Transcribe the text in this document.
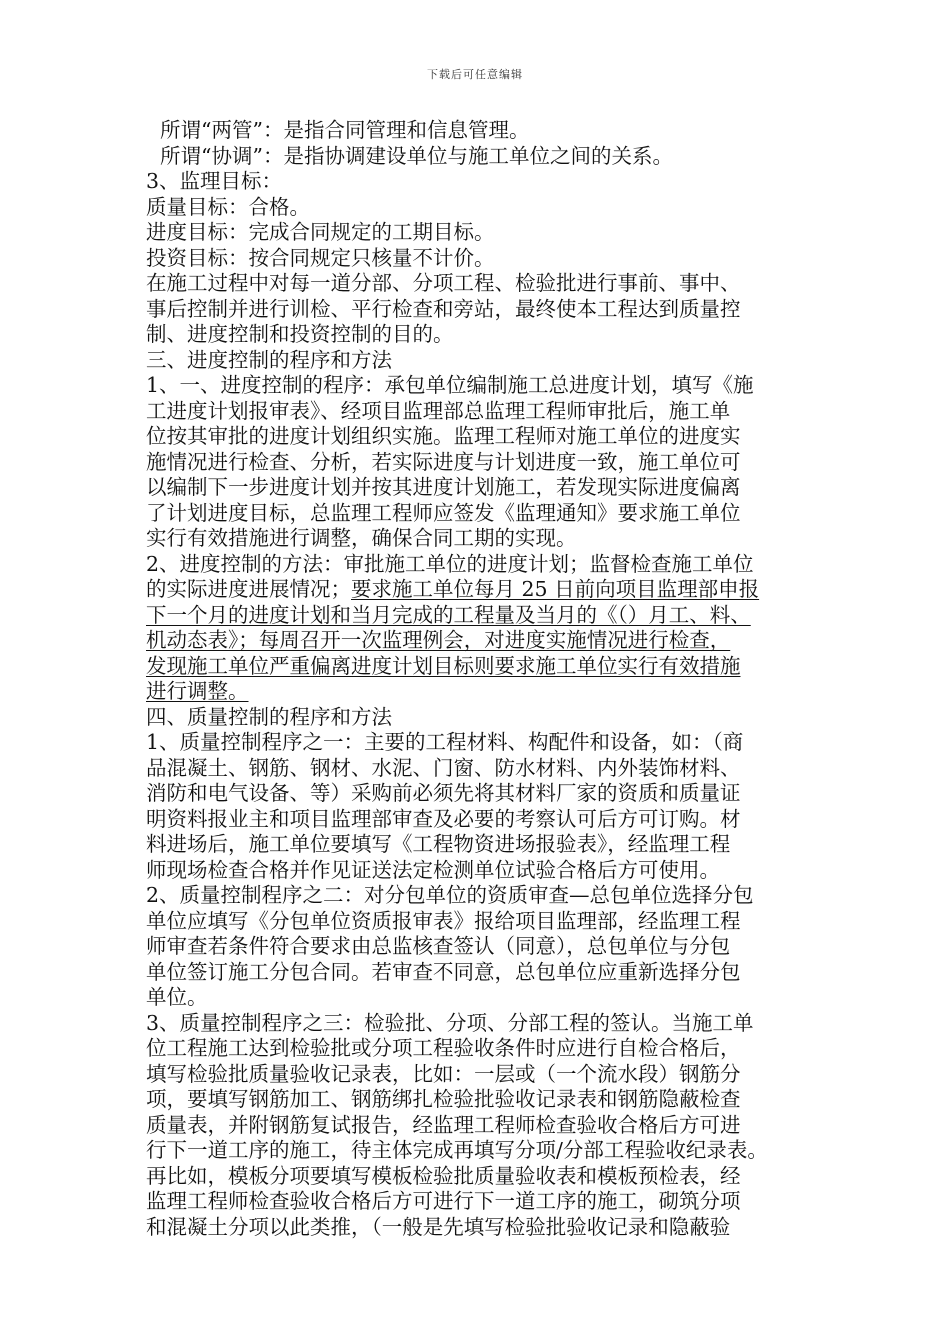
下载后可任意编辑
所谓“两管”：是指合同管理和信息管理。
所谓“协调”：是指协调建设单位与施工单位之间的关系。
3、监理目标：
质量目标：合格。
进度目标：完成合同规定的工期目标。
投资目标：按合同规定只核量不计价。
在施工过程中对每一道分部、分项工程、检验批进行事前、事中、
事后控制并进行训检、平行检查和旁站，最终使本工程达到质量控
制、进度控制和投资控制的目的。
三、进度控制的程序和方法
1、一、进度控制的程序：承包单位编制施工总进度计划，填写《施
工进度计划报审表》、经项目监理部总监理工程师审批后，施工单
位按其审批的进度计划组织实施。监理工程师对施工单位的进度实
施情况进行检查、分析，若实际进度与计划进度一致，施工单位可
以编制下一步进度计划并按其进度计划施工，若发现实际进度偏离
了计划进度目标，总监理工程师应签发《监理通知》要求施工单位
实行有效措施进行调整，确保合同工期的实现。
2、进度控制的方法：审批施工单位的进度计划；监督检查施工单位
的实际进度进展情况；要求施工单位每月 25 日前向项目监理部申报
下一个月的进度计划和当月完成的工程量及当月的《（）月工、料、
机动态表》；每周召开一次监理例会，对进度实施情况进行检查，
发现施工单位严重偏离进度计划目标则要求施工单位实行有效措施
进行调整。
四、质量控制的程序和方法
1、质量控制程序之一：主要的工程材料、构配件和设备，如：（商
品混凝土、钢筋、钢材、水泥、门窗、防水材料、内外装饰材料、
消防和电气设备、等）采购前必须先将其材料厂家的资质和质量证
明资料报业主和项目监理部审查及必要的考察认可后方可订购。材
料进场后，施工单位要填写《工程物资进场报验表》，经监理工程
师现场检查合格并作见证送法定检测单位试验合格后方可使用。
2、质量控制程序之二：对分包单位的资质审查—总包单位选择分包
单位应填写《分包单位资质报审表》报给项目监理部，经监理工程
师审查若条件符合要求由总监核查签认（同意），总包单位与分包
单位签订施工分包合同。若审查不同意，总包单位应重新选择分包
单位。
3、质量控制程序之三：检验批、分项、分部工程的签认。当施工单
位工程施工达到检验批或分项工程验收条件时应进行自检合格后，
填写检验批质量验收记录表，比如：一层或（一个流水段）钢筋分
项，要填写钢筋加工、钢筋绑扎检验批验收记录表和钢筋隐蔽检查
质量表，并附钢筋复试报告，经监理工程师检查验收合格后方可进
行下一道工序的施工，待主体完成再填写分项/分部工程验收纪录表。
再比如，模板分项要填写模板检验批质量验收表和模板预检表，经
监理工程师检查验收合格后方可进行下一道工序的施工，砌筑分项
和混凝土分项以此类推，（一般是先填写检验批验收记录和隐蔽验
